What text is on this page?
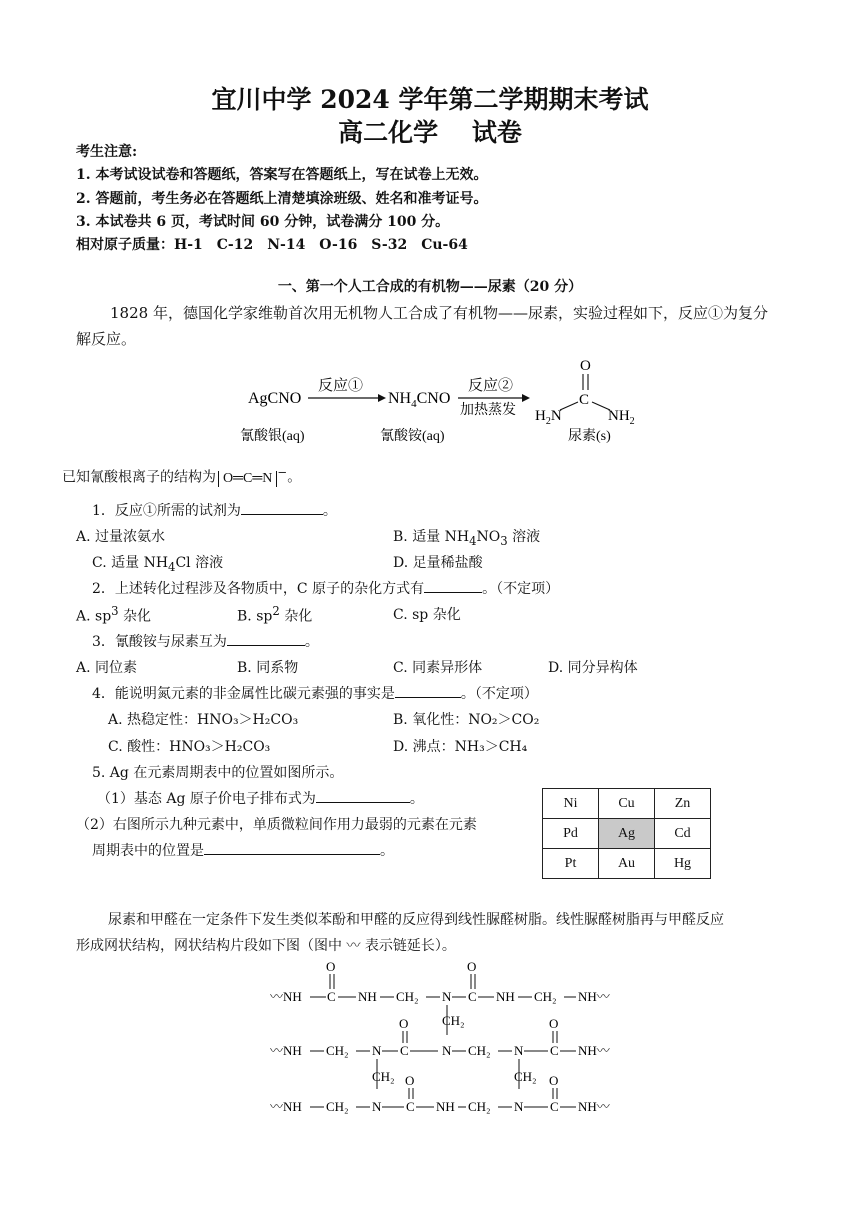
宜川中学 2024 学年第二学期期末考试
高二化学　 试卷
考生注意:
1. 本考试设试卷和答题纸，答案写在答题纸上，写在试卷上无效。
2. 答题前，考生务必在答题纸上清楚填涂班级、姓名和准考证号。
3. 本试卷共 6 页，考试时间 60 分钟，试卷满分 100 分。
相对原子质量：H-1　C-12　N-14　O-16　S-32　Cu-64
一、第一个人工合成的有机物——尿素（20 分）
1828 年，德国化学家维勒首次用无机物人工合成了有机物——尿素，实验过程如下，反应①为复分
解反应。
AgCNO
反应①
$NH_4CNO$
反应②
加热蒸发
O
C
$H_2N$	$NH_2$
氰酸银(aq)	氰酸铵(aq)	尿素(s)
已知氰酸根离子的结构为 O═C═N −。
1．反应①所需的试剂为	。
A. 过量浓氨水	B. 适量 $NH_4NO_3$ 溶液
C. 适量 $NH_4Cl$ 溶液	D. 足量稀盐酸
2．上述转化过程涉及各物质中，C 原子的杂化方式有	。（不定项）
A. $sp^3$ 杂化	B. $sp^2$ 杂化	C. sp 杂化
3．氰酸铵与尿素互为	。
A. 同位素	B. 同系物	C. 同素异形体	D. 同分异构体
4．能说明氮元素的非金属性比碳元素强的事实是	。（不定项）
A. 热稳定性：HNO₃＞H₂CO₃	B. 氧化性：NO₂＞CO₂
C. 酸性：HNO₃＞H₂CO₃	D. 沸点：NH₃＞CH₄
5. Ag 在元素周期表中的位置如图所示。
（1）基态 Ag 原子价电子排布式为	。
（2）右图所示九种元素中，单质微粒间作用力最弱的元素在元素
周期表中的位置是	。
Ni	Cu	Zn
Pd	Ag	Cd
Pt	Au	Hg
尿素和甲醛在一定条件下发生类似苯酚和甲醛的反应得到线性脲醛树脂。线性脲醛树脂再与甲醛反应
形成网状结构，网状结构片段如下图（图中 〰 表示链延长）。
〰NH C
O
NH CH₂ N C
O
NH CH₂ NH〰
CH₂
〰NH CH₂ N C
O
N CH₂ N C
O
NH〰
CH₂	CH₂
〰NH CH₂ N C
O
NH CH₂ N C
O
NH〰
